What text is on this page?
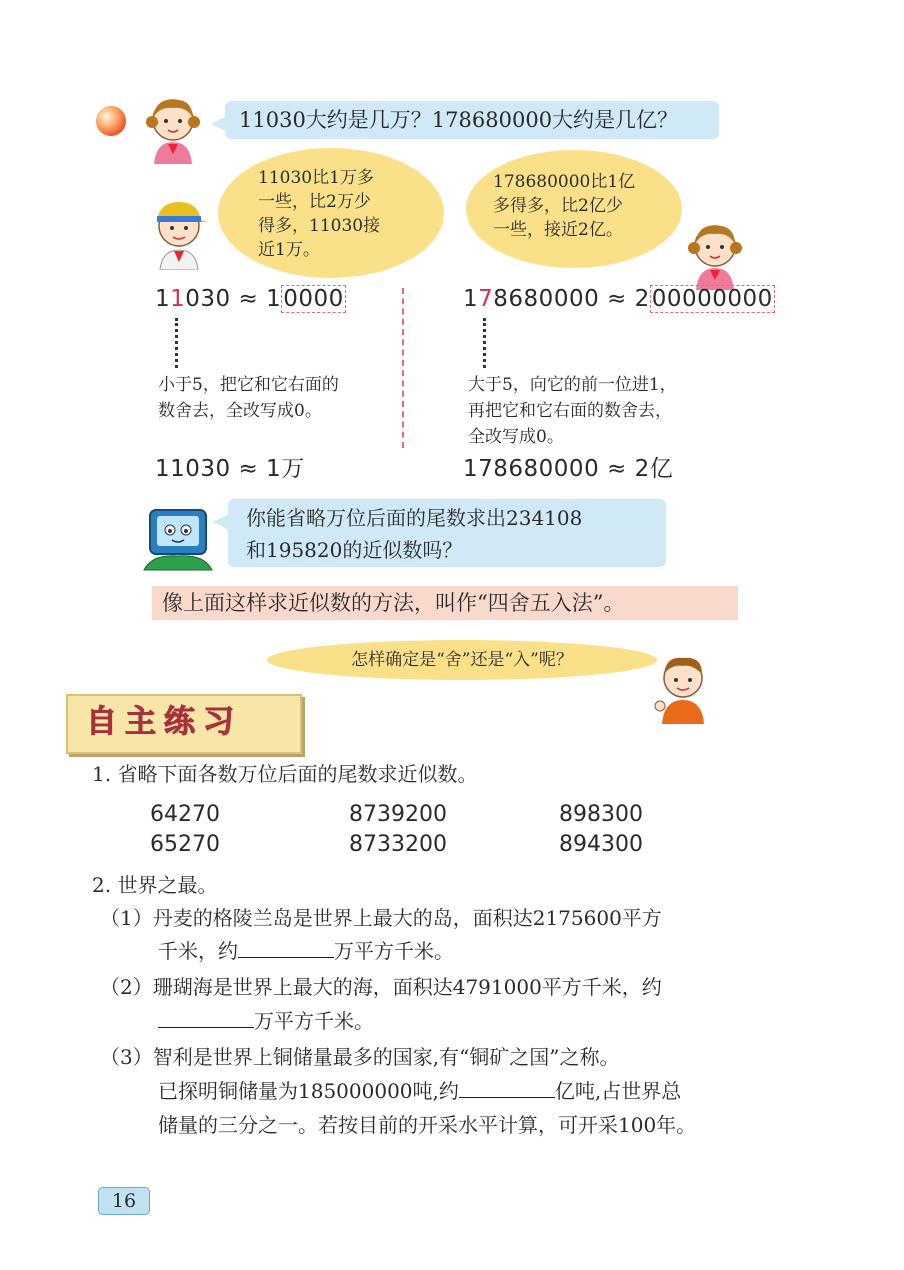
11030大约是几万？178680000大约是几亿？
11030比1万多
一些，比2万少
得多，11030接
近1万。
178680000比1亿
多得多，比2亿少
一些，接近2亿。
11030 ≈ 10000
小于5，把它和它右面的
数舍去，全改写成0。
11030 ≈ 1万
178680000 ≈ 200000000
大于5，向它的前一位进1，
再把它和它右面的数舍去，
全改写成0。
178680000 ≈ 2亿
你能省略万位后面的尾数求出234108
和195820的近似数吗？
像上面这样求近似数的方法，叫作“四舍五入法”。
怎样确定是“舍”还是“入”呢？
自主练习
1. 省略下面各数万位后面的尾数求近似数。
64270	8739200	898300
65270	8733200	894300
2. 世界之最。
（1）丹麦的格陵兰岛是世界上最大的岛，面积达2175600平方
千米，约	万平方千米。
（2）珊瑚海是世界上最大的海，面积达4791000平方千米，约
万平方千米。
（3）智利是世界上铜储量最多的国家,有“铜矿之国”之称。
已探明铜储量为185000000吨,约	亿吨,占世界总
储量的三分之一。若按目前的开采水平计算，可开采100年。
16
